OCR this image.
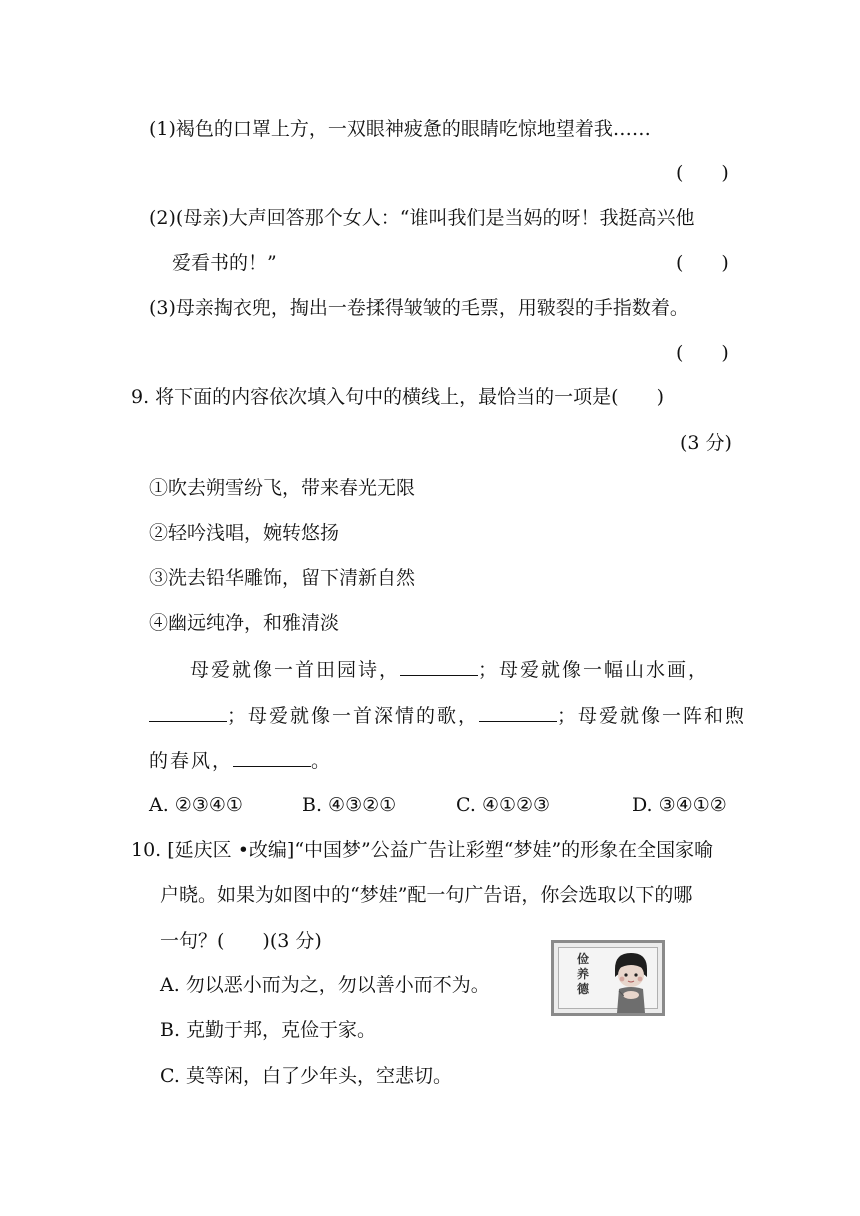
(1)褐色的口罩上方，一双眼神疲惫的眼睛吃惊地望着我……
(　　)
(2)(母亲)大声回答那个女人：“谁叫我们是当妈的呀！我挺高兴他
爱看书的！”	(　　)
(3)母亲掏衣兜，掏出一卷揉得皱皱的毛票，用皲裂的手指数着。
(　　)
9. 将下面的内容依次填入句中的横线上，最恰当的一项是(　　)
(3 分)
①吹去朔雪纷飞，带来春光无限
②轻吟浅唱，婉转悠扬
③洗去铅华雕饰，留下清新自然
④幽远纯净，和雅清淡
母爱就像一首田园诗，	；母爱就像一幅山水画，
；母爱就像一首深情的歌，	；母爱就像一阵和煦
的春风，	。
A. ②③④①	B. ④③②①	C. ④①②③	D. ③④①②
10. [延庆区 •改编]“中国梦”公益广告让彩塑“梦娃”的形象在全国家喻
户晓。如果为如图中的“梦娃”配一句广告语，你会选取以下的哪
一句？(　　)(3 分)
A. 勿以恶小而为之，勿以善小而不为。
B. 克勤于邦，克俭于家。
C. 莫等闲，白了少年头，空悲切。
俭
养
德
